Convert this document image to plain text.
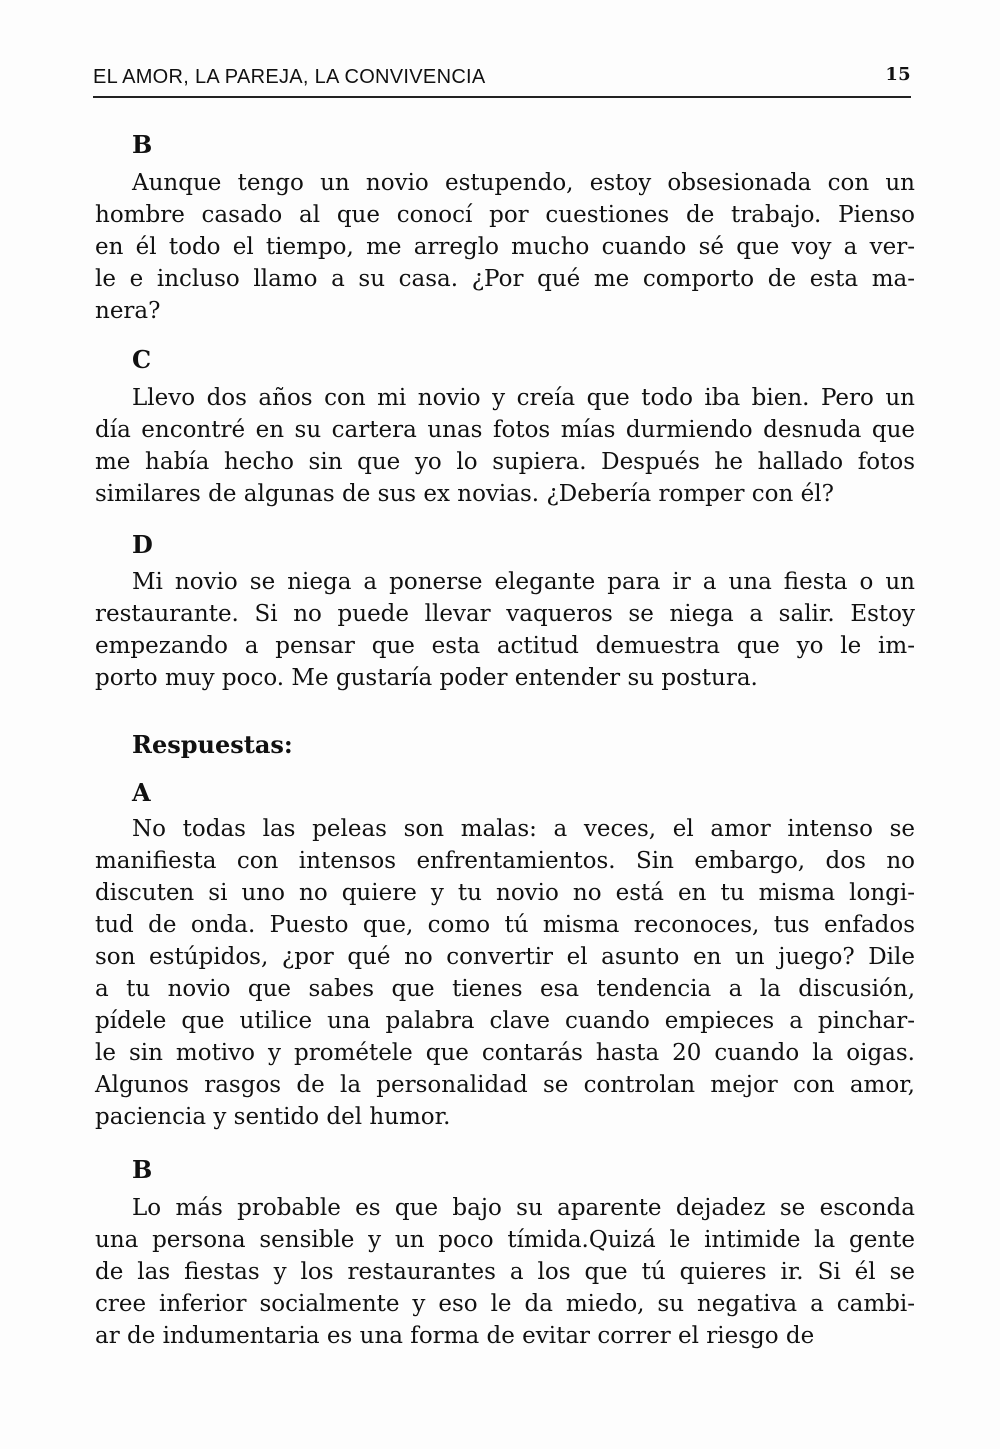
EL AMOR, LA PAREJA, LA CONVIVENCIA	15
B
Aunque tengo un novio estupendo, estoy obsesionada con un
hombre casado al que conocí por cuestiones de trabajo. Pienso
en él todo el tiempo, me arreglo mucho cuando sé que voy a ver-
le e incluso llamo a su casa. ¿Por qué me comporto de esta ma-
nera?
C
Llevo dos años con mi novio y creía que todo iba bien. Pero un
día encontré en su cartera unas fotos mías durmiendo desnuda que
me había hecho sin que yo lo supiera. Después he hallado fotos
similares de algunas de sus ex novias. ¿Debería romper con él?
D
Mi novio se niega a ponerse elegante para ir a una fiesta o un
restaurante. Si no puede llevar vaqueros se niega a salir. Estoy
empezando a pensar que esta actitud demuestra que yo le im-
porto muy poco. Me gustaría poder entender su postura.
Respuestas:
A
No todas las peleas son malas: a veces, el amor intenso se
manifiesta con intensos enfrentamientos. Sin embargo, dos no
discuten si uno no quiere y tu novio no está en tu misma longi-
tud de onda. Puesto que, como tú misma reconoces, tus enfados
son estúpidos, ¿por qué no convertir el asunto en un juego? Dile
a tu novio que sabes que tienes esa tendencia a la discusión,
pídele que utilice una palabra clave cuando empieces a pinchar-
le sin motivo y prométele que contarás hasta 20 cuando la oigas.
Algunos rasgos de la personalidad se controlan mejor con amor,
paciencia y sentido del humor.
B
Lo más probable es que bajo su aparente dejadez se esconda
una persona sensible y un poco tímida.Quizá le intimide la gente
de las fiestas y los restaurantes a los que tú quieres ir. Si él se
cree inferior socialmente y eso le da miedo, su negativa a cambi-
ar de indumentaria es una forma de evitar correr el riesgo de
